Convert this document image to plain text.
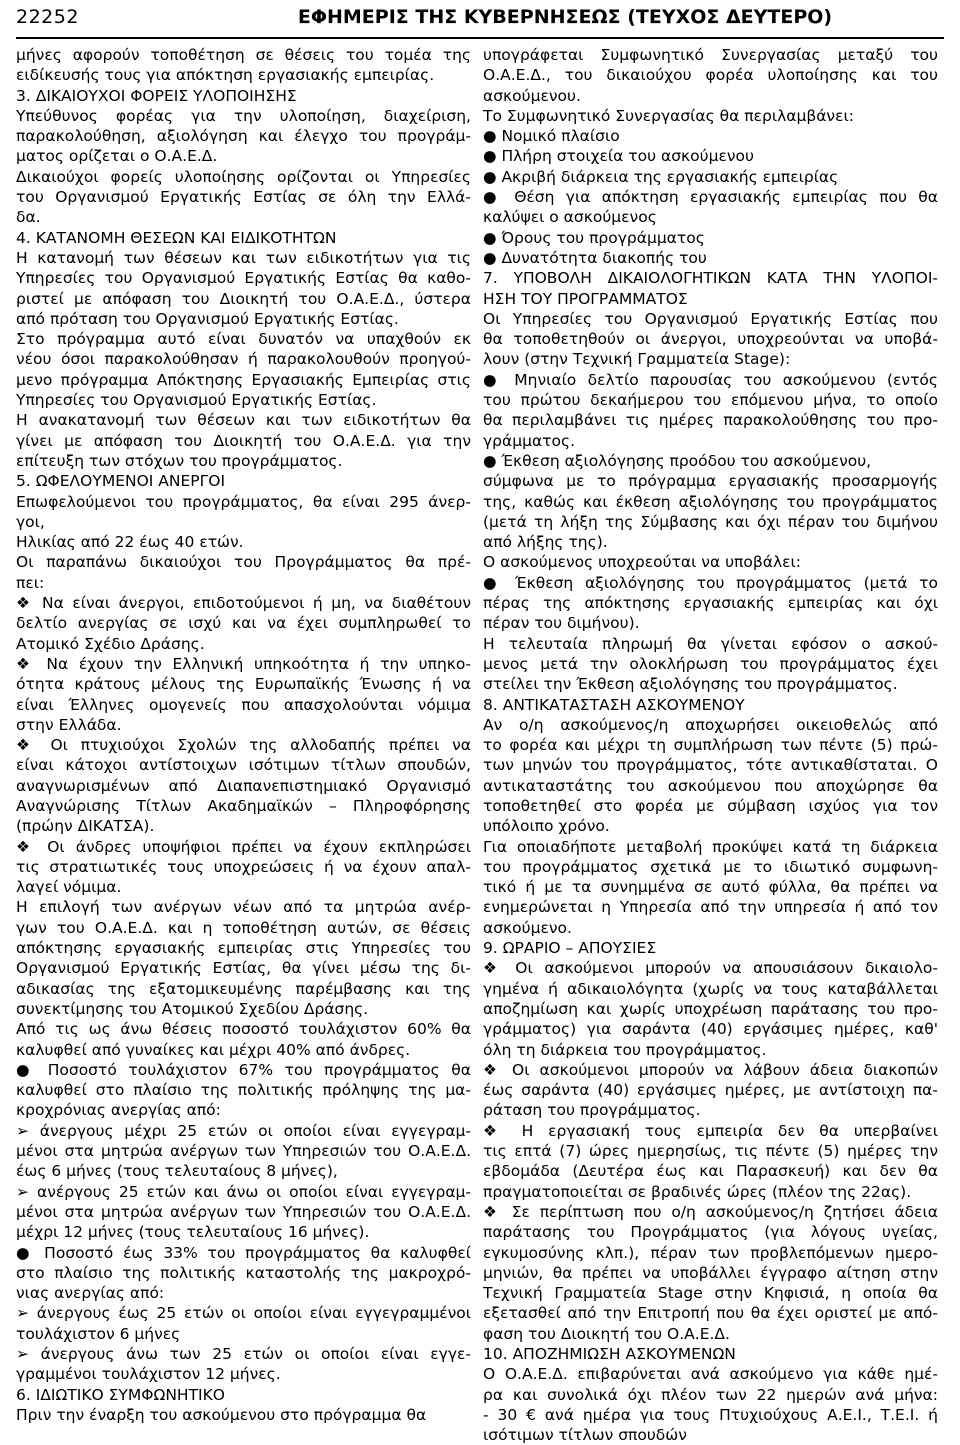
22252	ΕΦΗΜΕΡΙΣ ΤΗΣ ΚΥΒΕΡΝΗΣΕΩΣ (ΤΕΥΧΟΣ ΔΕΥΤΕΡΟ)
μήνες αφορούν τοποθέτηση σε θέσεις του τομέα της
ειδίκευσής τους για απόκτηση εργασιακής εμπειρίας.
3. ΔΙΚΑΙΟΥΧΟΙ ΦΟΡΕΙΣ ΥΛΟΠΟΙΗΣΗΣ
Υπεύθυνος φορέας για την υλοποίηση, διαχείριση,
παρακολούθηση, αξιολόγηση και έλεγχο του προγράμ-
ματος ορίζεται ο Ο.Α.Ε.Δ.
Δικαιούχοι φορείς υλοποίησης ορίζονται οι Υπηρεσίες
του Οργανισμού Εργατικής Εστίας σε όλη την Ελλά-
δα.
4. ΚΑΤΑΝΟΜΗ ΘΕΣΕΩΝ ΚΑΙ ΕΙΔΙΚΟΤΗΤΩΝ
Η κατανομή των θέσεων και των ειδικοτήτων για τις
Υπηρεσίες του Οργανισμού Εργατικής Εστίας θα καθο-
ριστεί με απόφαση του Διοικητή του Ο.Α.Ε.Δ., ύστερα
από πρόταση του Οργανισμού Εργατικής Εστίας.
Στο πρόγραμμα αυτό είναι δυνατόν να υπαχθούν εκ
νέου όσοι παρακολούθησαν ή παρακολουθούν προηγού-
μενο πρόγραμμα Απόκτησης Εργασιακής Εμπειρίας στις
Υπηρεσίες του Οργανισμού Εργατικής Εστίας.
Η ανακατανομή των θέσεων και των ειδικοτήτων θα
γίνει με απόφαση του Διοικητή του Ο.Α.Ε.Δ. για την
επίτευξη των στόχων του προγράμματος.
5. ΩΦΕΛΟΥΜΕΝΟΙ ΑΝΕΡΓΟΙ
Επωφελούμενοι του προγράμματος, θα είναι 295 άνερ-
γοι,
Ηλικίας από 22 έως 40 ετών.
Οι παραπάνω δικαιούχοι του Προγράμματος θα πρέ-
πει:
❖ Να είναι άνεργοι, επιδοτούμενοι ή μη, να διαθέτουν
δελτίο ανεργίας σε ισχύ και να έχει συμπληρωθεί το
Ατομικό Σχέδιο Δράσης.
❖ Να έχουν την Ελληνική υπηκοότητα ή την υπηκο-
ότητα κράτους μέλους της Ευρωπαϊκής Ένωσης ή να
είναι Έλληνες ομογενείς που απασχολούνται νόμιμα
στην Ελλάδα.
❖ Οι πτυχιούχοι Σχολών της αλλοδαπής πρέπει να
είναι κάτοχοι αντίστοιχων ισότιμων τίτλων σπουδών,
αναγνωρισμένων από Διαπανεπιστημιακό Οργανισμό
Αναγνώρισης Τίτλων Ακαδημαϊκών – Πληροφόρησης
(πρώην ΔΙΚΑΤΣΑ).
❖ Οι άνδρες υποψήφιοι πρέπει να έχουν εκπληρώσει
τις στρατιωτικές τους υποχρεώσεις ή να έχουν απαλ-
λαγεί νόμιμα.
Η επιλογή των ανέργων νέων από τα μητρώα ανέρ-
γων του Ο.Α.Ε.Δ. και η τοποθέτηση αυτών, σε θέσεις
απόκτησης εργασιακής εμπειρίας στις Υπηρεσίες του
Οργανισμού Εργατικής Εστίας, θα γίνει μέσω της δι-
αδικασίας της εξατομικευμένης παρέμβασης και της
συνεκτίμησης του Ατομικού Σχεδίου Δράσης.
Από τις ως άνω θέσεις ποσοστό τουλάχιστον 60% θα
καλυφθεί από γυναίκες και μέχρι 40% από άνδρες.
● Ποσοστό τουλάχιστον 67% του προγράμματος θα
καλυφθεί στο πλαίσιο της πολιτικής πρόληψης της μα-
κροχρόνιας ανεργίας από:
➢ άνεργους μέχρι 25 ετών οι οποίοι είναι εγγεγραμ-
μένοι στα μητρώα ανέργων των Υπηρεσιών του Ο.Α.Ε.Δ.
έως 6 μήνες (τους τελευταίους 8 μήνες),
➢ ανέργους 25 ετών και άνω οι οποίοι είναι εγγεγραμ-
μένοι στα μητρώα ανέργων των Υπηρεσιών του Ο.Α.Ε.Δ.
μέχρι 12 μήνες (τους τελευταίους 16 μήνες).
● Ποσοστό έως 33% του προγράμματος θα καλυφθεί
στο πλαίσιο της πολιτικής καταστολής της μακροχρό-
νιας ανεργίας από:
➢ άνεργους έως 25 ετών οι οποίοι είναι εγγεγραμμένοι
τουλάχιστον 6 μήνες
➢ άνεργους άνω των 25 ετών οι οποίοι είναι εγγε-
γραμμένοι τουλάχιστον 12 μήνες.
6. ΙΔΙΩΤΙΚΟ ΣΥΜΦΩΝΗΤΙΚΟ
Πριν την έναρξη του ασκούμενου στο πρόγραμμα θα
υπογράφεται Συμφωνητικό Συνεργασίας μεταξύ του
Ο.Α.Ε.Δ., του δικαιούχου φορέα υλοποίησης και του
ασκούμενου.
Το Συμφωνητικό Συνεργασίας θα περιλαμβάνει:
● Νομικό πλαίσιο
● Πλήρη στοιχεία του ασκούμενου
● Ακριβή διάρκεια της εργασιακής εμπειρίας
● Θέση για απόκτηση εργασιακής εμπειρίας που θα
καλύψει ο ασκούμενος
● Όρους του προγράμματος
● Δυνατότητα διακοπής του
7. ΥΠΟΒΟΛΗ ΔΙΚΑΙΟΛΟΓΗΤΙΚΩΝ ΚΑΤΑ ΤΗΝ ΥΛΟΠΟΙ-
ΗΣΗ ΤΟΥ ΠΡΟΓΡΑΜΜΑΤΟΣ
Οι Υπηρεσίες του Οργανισμού Εργατικής Εστίας που
θα τοποθετηθούν οι άνεργοι, υποχρεούνται να υποβά-
λουν (στην Τεχνική Γραμματεία Stage):
● Μηνιαίο δελτίο παρουσίας του ασκούμενου (εντός
του πρώτου δεκαήμερου του επόμενου μήνα, το οποίο
θα περιλαμβάνει τις ημέρες παρακολούθησης του προ-
γράμματος.
● Έκθεση αξιολόγησης προόδου του ασκούμενου,
σύμφωνα με το πρόγραμμα εργασιακής προσαρμογής
της, καθώς και έκθεση αξιολόγησης του προγράμματος
(μετά τη λήξη της Σύμβασης και όχι πέραν του διμήνου
από λήξης της).
Ο ασκούμενος υποχρεούται να υποβάλει:
● Έκθεση αξιολόγησης του προγράμματος (μετά το
πέρας της απόκτησης εργασιακής εμπειρίας και όχι
πέραν του διμήνου).
Η τελευταία πληρωμή θα γίνεται εφόσον ο ασκού-
μενος μετά την ολοκλήρωση του προγράμματος έχει
στείλει την Έκθεση αξιολόγησης του προγράμματος.
8. ΑΝΤΙΚΑΤΑΣΤΑΣΗ ΑΣΚΟΥΜΕΝΟΥ
Αν ο/η ασκούμενος/η αποχωρήσει οικειοθελώς από
το φορέα και μέχρι τη συμπλήρωση των πέντε (5) πρώ-
των μηνών του προγράμματος, τότε αντικαθίσταται. Ο
αντικαταστάτης του ασκούμενου που αποχώρησε θα
τοποθετηθεί στο φορέα με σύμβαση ισχύος για τον
υπόλοιπο χρόνο.
Για οποιαδήποτε μεταβολή προκύψει κατά τη διάρκεια
του προγράμματος σχετικά με το ιδιωτικό συμφωνη-
τικό ή με τα συνημμένα σε αυτό φύλλα, θα πρέπει να
ενημερώνεται η Υπηρεσία από την υπηρεσία ή από τον
ασκούμενο.
9. ΩΡΑΡΙΟ – ΑΠΟΥΣΙΕΣ
❖ Οι ασκούμενοι μπορούν να απουσιάσουν δικαιολο-
γημένα ή αδικαιολόγητα (χωρίς να τους καταβάλλεται
αποζημίωση και χωρίς υποχρέωση παράτασης του προ-
γράμματος) για σαράντα (40) εργάσιμες ημέρες, καθ'
όλη τη διάρκεια του προγράμματος.
❖ Οι ασκούμενοι μπορούν να λάβουν άδεια διακοπών
έως σαράντα (40) εργάσιμες ημέρες, με αντίστοιχη πα-
ράταση του προγράμματος.
❖ Η εργασιακή τους εμπειρία δεν θα υπερβαίνει
τις επτά (7) ώρες ημερησίως, τις πέντε (5) ημέρες την
εβδομάδα (Δευτέρα έως και Παρασκευή) και δεν θα
πραγματοποιείται σε βραδινές ώρες (πλέον της 22ας).
❖ Σε περίπτωση που ο/η ασκούμενος/η ζητήσει άδεια
παράτασης του Προγράμματος (για λόγους υγείας,
εγκυμοσύνης κλπ.), πέραν των προβλεπόμενων ημερο-
μηνιών, θα πρέπει να υποβάλλει έγγραφο αίτηση στην
Τεχνική Γραμματεία Stage στην Κηφισιά, η οποία θα
εξετασθεί από την Επιτροπή που θα έχει οριστεί με από-
φαση του Διοικητή του Ο.Α.Ε.Δ.
10. ΑΠΟΖΗΜΙΩΣΗ ΑΣΚΟΥΜΕΝΩΝ
Ο Ο.Α.Ε.Δ. επιβαρύνεται ανά ασκούμενο για κάθε ημέ-
ρα και συνολικά όχι πλέον των 22 ημερών ανά μήνα:
- 30 € ανά ημέρα για τους Πτυχιούχους Α.Ε.Ι., Τ.Ε.Ι. ή
ισότιμων τίτλων σπουδών
